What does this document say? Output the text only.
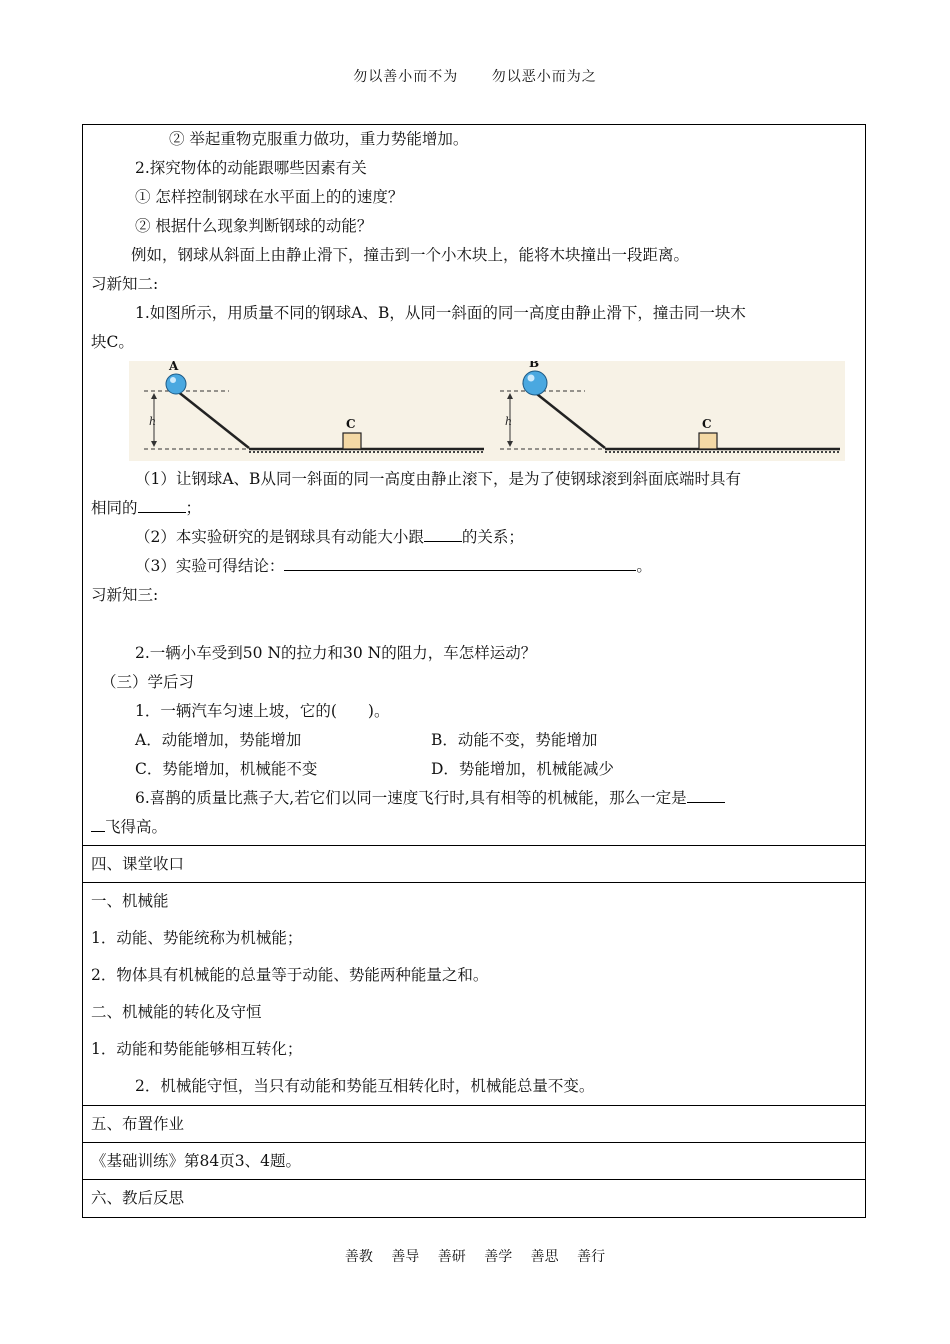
勿以善小而不为 勿以恶小而为之
② 举起重物克服重力做功，重力势能增加。
2.探究物体的动能跟哪些因素有关
① 怎样控制钢球在水平面上的的速度？
② 根据什么现象判断钢球的动能？
例如，钢球从斜面上由静止滑下，撞击到一个小木块上，能将木块撞出一段距离。
习新知二:
1.如图所示，用质量不同的钢球A、B，从同一斜面的同一高度由静止滑下，撞击同一块木
块C。
h
A
C	h
B
C
（1）让钢球A、B从同一斜面的同一高度由静止滚下，是为了使钢球滚到斜面底端时具有
相同的	；
（2）本实验研究的是钢球具有动能大小跟 的关系；
（3）实验可得结论：	。
习新知三:
2.一辆小车受到50 N的拉力和30 N的阻力，车怎样运动？
（三）学后习
1．一辆汽车匀速上坡，它的(　　)。
A．动能增加，势能增加	B．动能不变，势能增加
C．势能增加，机械能不变	D．势能增加，机械能减少
6.喜鹊的质量比燕子大,若它们以同一速度飞行时,具有相等的机械能，那么一定是
飞得高。
四、课堂收口
一、机械能
1．动能、势能统称为机械能；
2．物体具有机械能的总量等于动能、势能两种能量之和。
二、机械能的转化及守恒
1．动能和势能能够相互转化；
2．机械能守恒，当只有动能和势能互相转化时，机械能总量不变。
五、布置作业
《基础训练》第84页3、4题。
六、教后反思
善教 善导 善研 善学 善思 善行
